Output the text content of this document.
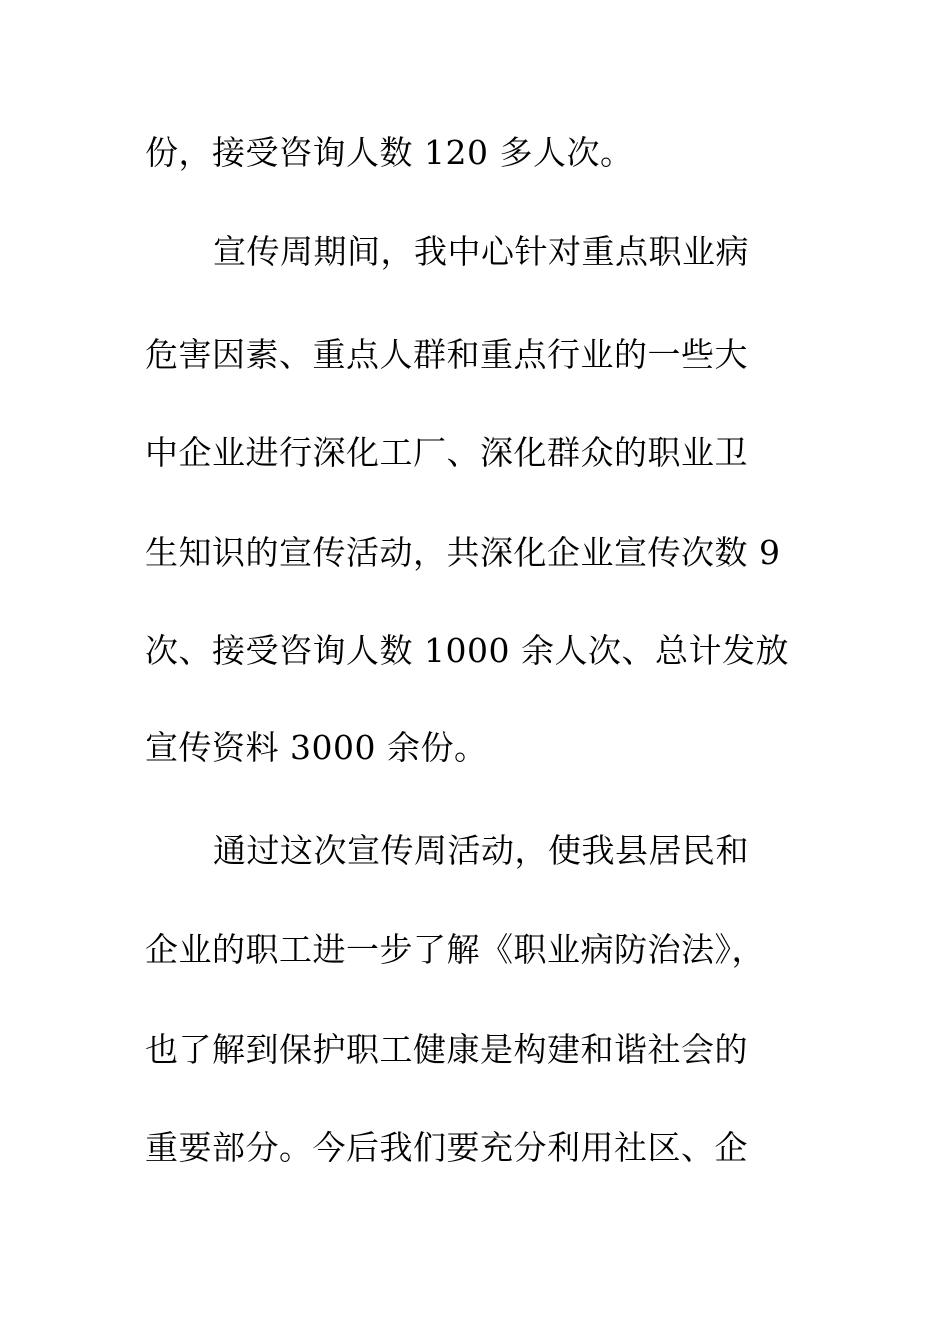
份，接受咨询人数 120 多人次。
宣传周期间，我中心针对重点职业病
危害因素、重点人群和重点行业的一些大
中企业进行深化工厂、深化群众的职业卫
生知识的宣传活动，共深化企业宣传次数 9
次、接受咨询人数 1000 余人次、总计发放
宣传资料 3000 余份。
通过这次宣传周活动，使我县居民和
企业的职工进一步了解《职业病防治法》，
也了解到保护职工健康是构建和谐社会的
重要部分。今后我们要充分利用社区、企
